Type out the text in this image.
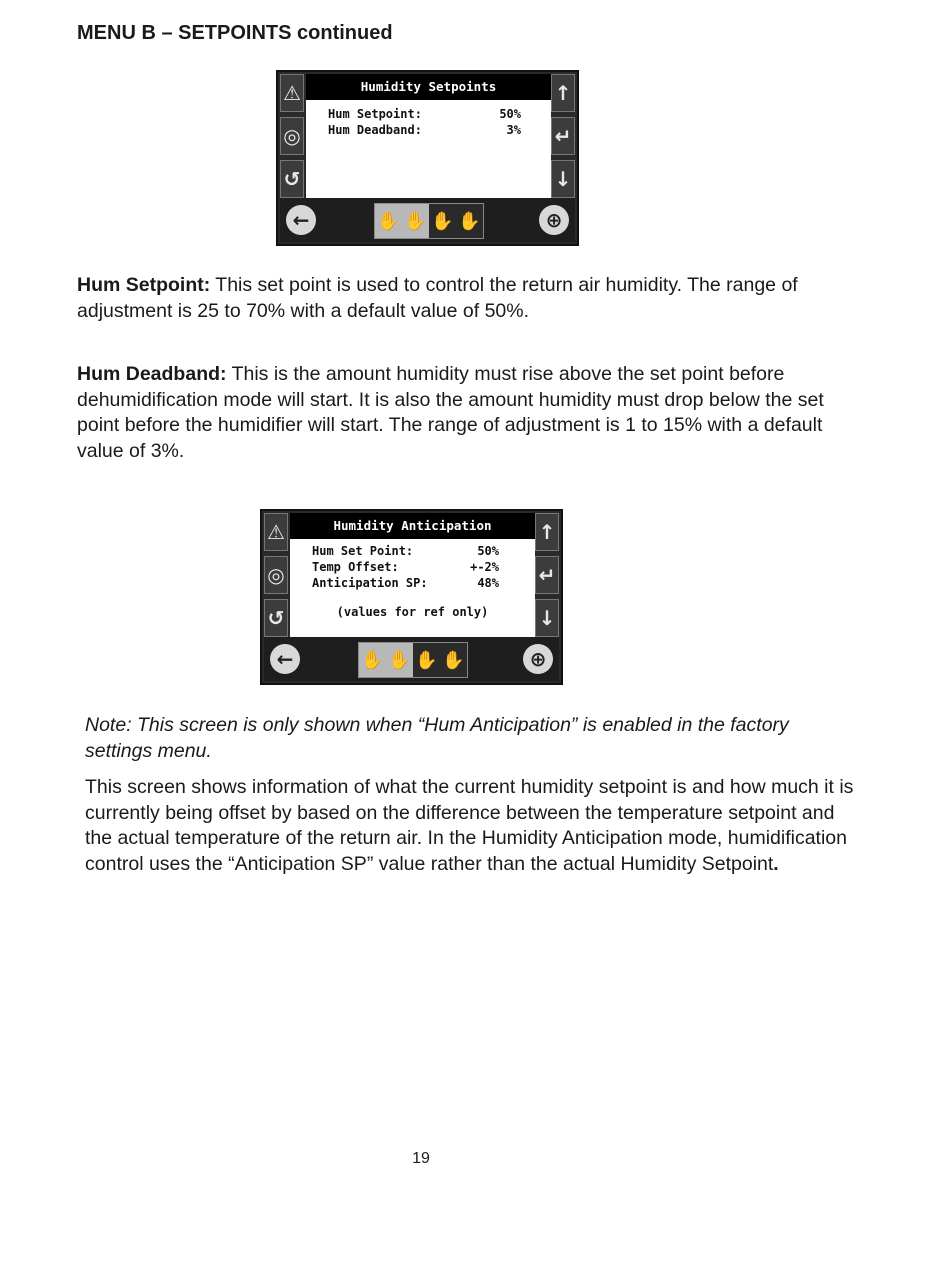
MENU B – SETPOINTS continued
⚠
◎
↺
Humidity Setpoints
Hum Setpoint:	50%
Hum Deadband:	3%
↑
↵
↓
←	✋ ✋ ✋ ✋	⊕

Hum Setpoint: This set point is used to control the return air humidity. The range of adjustment is 25 to 70% with a default value of 50%.

Hum Deadband: This is the amount humidity must rise above the set point before dehumidification mode will start. It is also the amount humidity must drop below the set point before the humidifier will start. The range of adjustment is 1 to 15% with a default value of 3%.

⚠
◎
↺
Humidity Anticipation
Hum Set Point:	50%
Temp Offset:	+-2%
Anticipation SP:	48%
(values for ref only)
↑
↵
↓
←	✋ ✋ ✋ ✋	⊕

Note: This screen is only shown when “Hum Anticipation” is enabled in the factory settings menu.

This screen shows information of what the current humidity setpoint is and how much it is currently being offset by based on the difference between the temperature setpoint and the actual temperature of the return air. In the Humidity Anticipation mode, humidification control uses the “Anticipation SP” value rather than the actual Humidity Setpoint.

19
